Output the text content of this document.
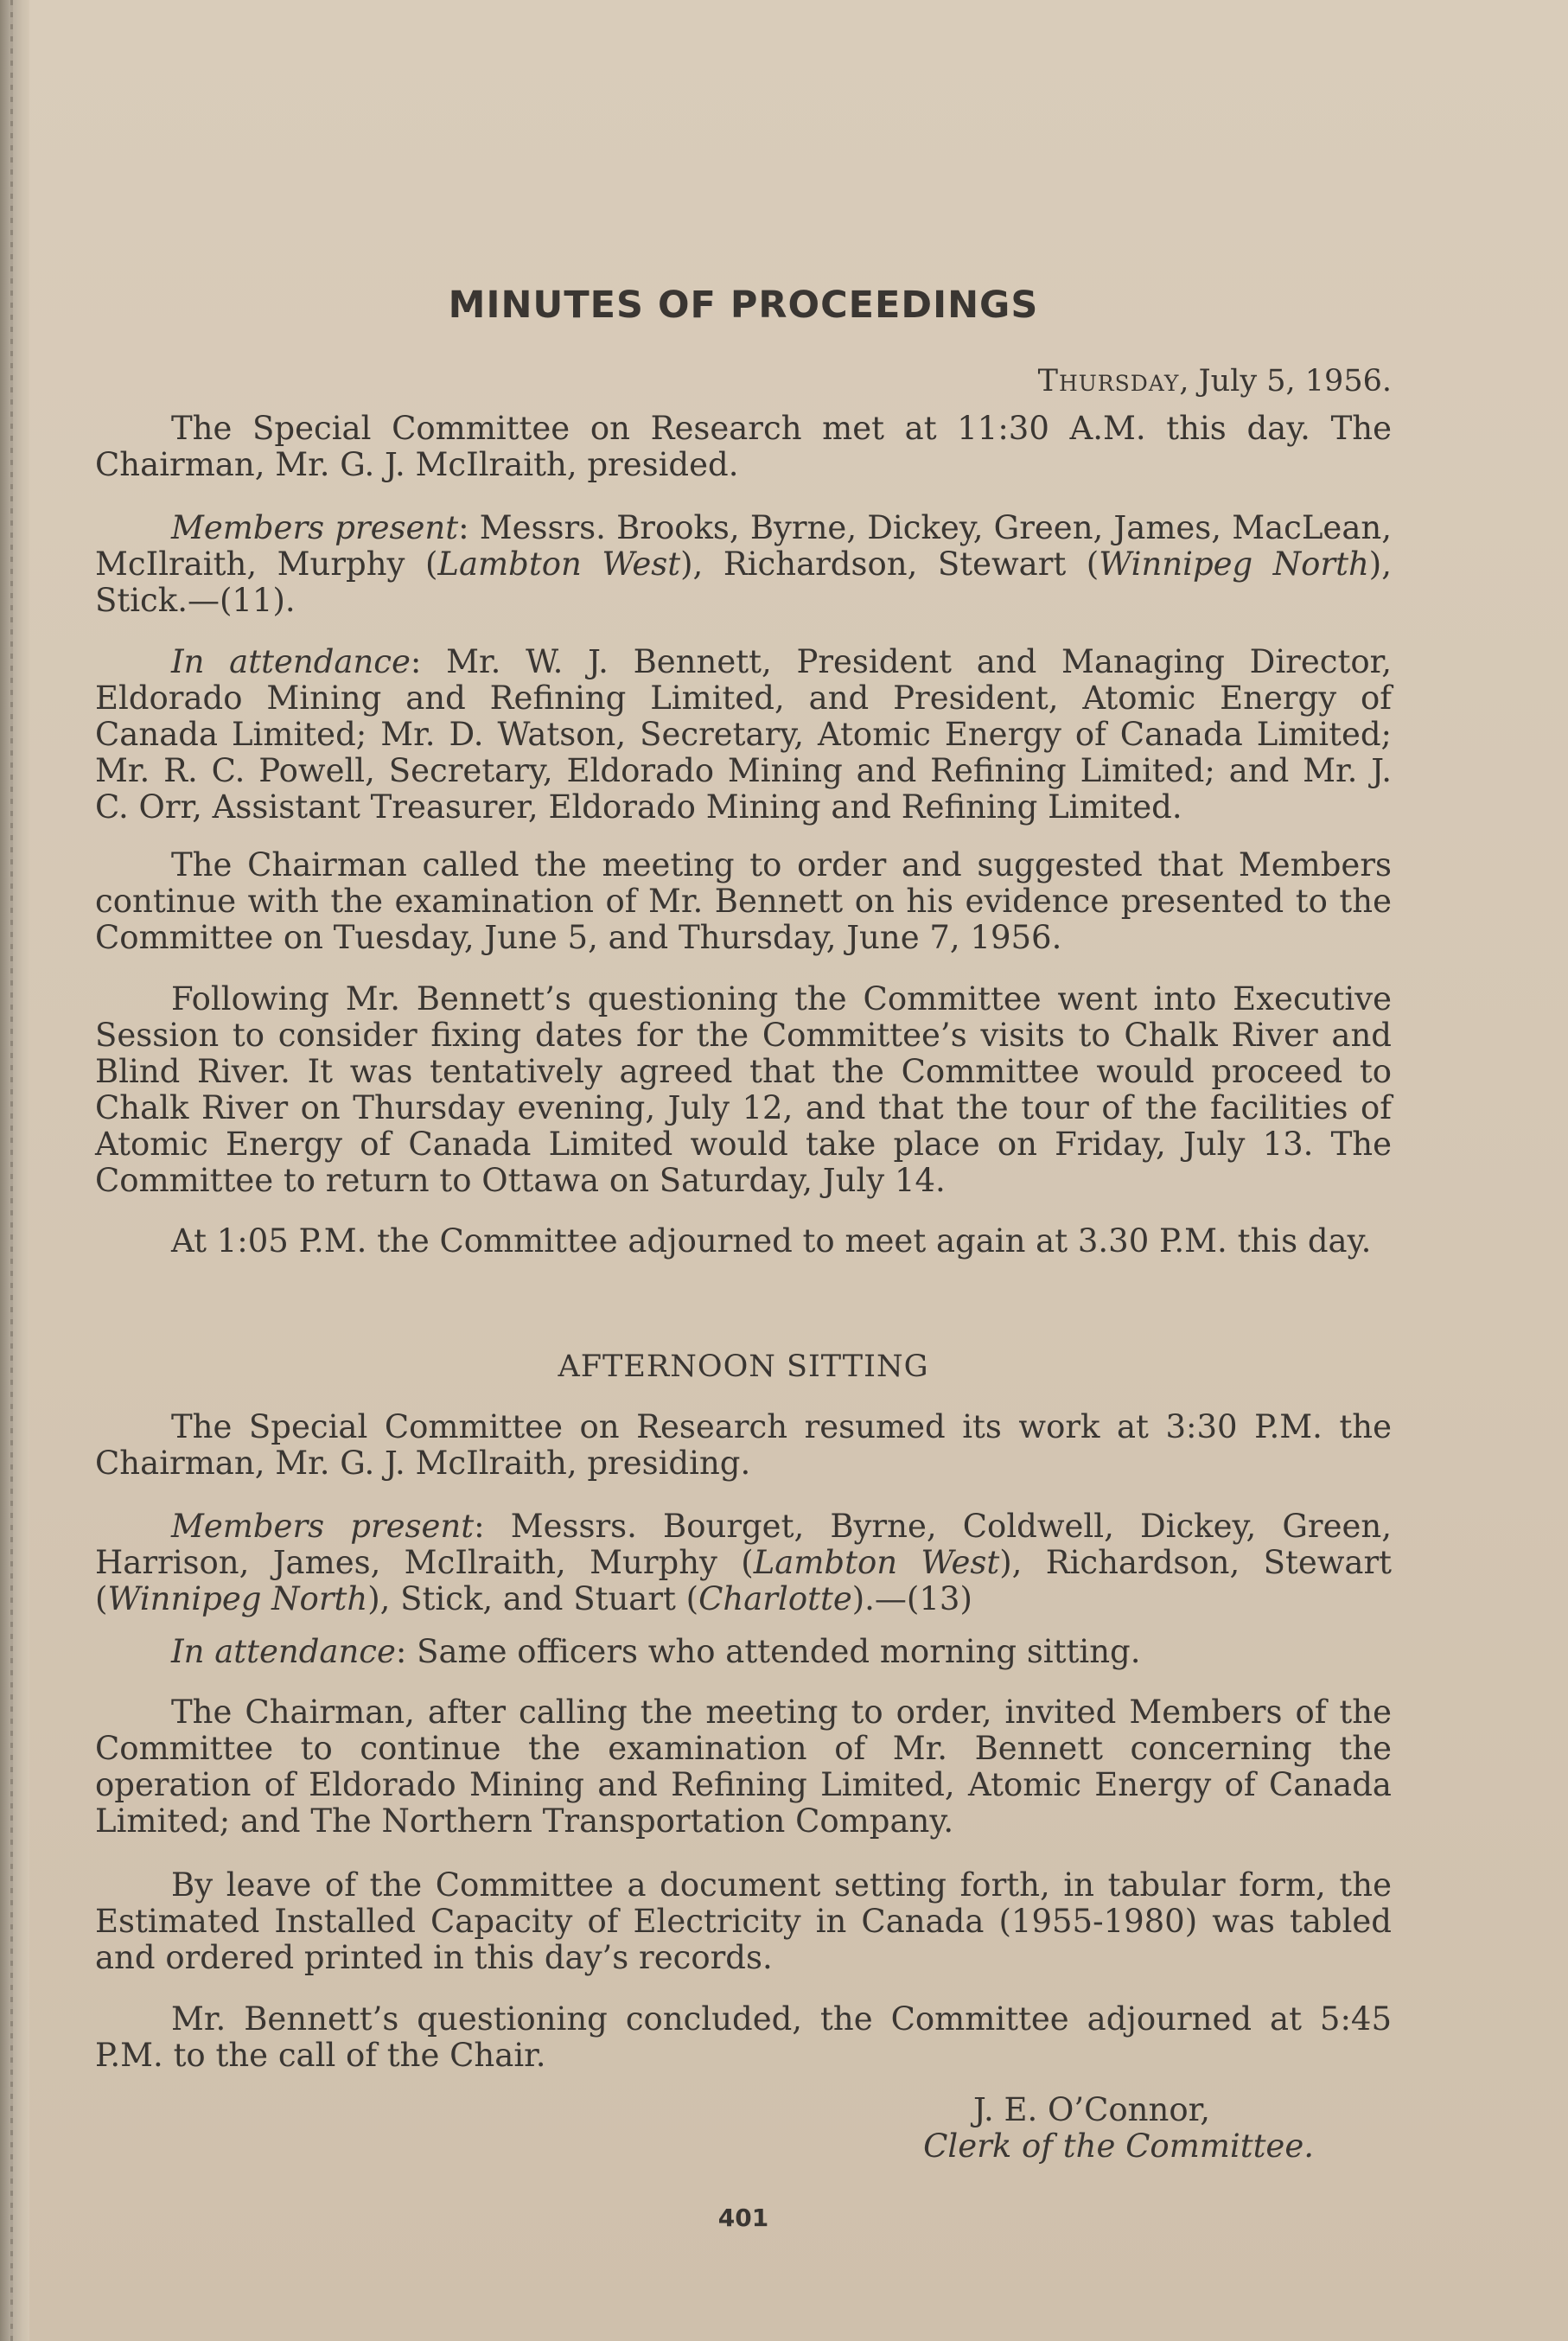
MINUTES OF PROCEEDINGS

Thursday, July 5, 1956.

The Special Committee on Research met at 11:30 A.M. this day. The Chairman, Mr. G. J. McIlraith, presided.

Members present: Messrs. Brooks, Byrne, Dickey, Green, James, MacLean, McIlraith, Murphy (Lambton West), Richardson, Stewart (Winnipeg North), Stick.—(11).

In attendance: Mr. W. J. Bennett, President and Managing Director, Eldorado Mining and Refining Limited, and President, Atomic Energy of Canada Limited; Mr. D. Watson, Secretary, Atomic Energy of Canada Limited; Mr. R. C. Powell, Secretary, Eldorado Mining and Refining Limited; and Mr. J. C. Orr, Assistant Treasurer, Eldorado Mining and Refining Limited.

The Chairman called the meeting to order and suggested that Members continue with the examination of Mr. Bennett on his evidence presented to the Committee on Tuesday, June 5, and Thursday, June 7, 1956.

Following Mr. Bennett’s questioning the Committee went into Executive Session to consider fixing dates for the Committee’s visits to Chalk River and Blind River. It was tentatively agreed that the Committee would proceed to Chalk River on Thursday evening, July 12, and that the tour of the facilities of Atomic Energy of Canada Limited would take place on Friday, July 13. The Committee to return to Ottawa on Saturday, July 14.

At 1:05 P.M. the Committee adjourned to meet again at 3.30 P.M. this day.

AFTERNOON SITTING

The Special Committee on Research resumed its work at 3:30 P.M. the Chairman, Mr. G. J. McIlraith, presiding.

Members present: Messrs. Bourget, Byrne, Coldwell, Dickey, Green, Harrison, James, McIlraith, Murphy (Lambton West), Richardson, Stewart (Winnipeg North), Stick, and Stuart (Charlotte).—(13)

In attendance: Same officers who attended morning sitting.

The Chairman, after calling the meeting to order, invited Members of the Committee to continue the examination of Mr. Bennett concerning the operation of Eldorado Mining and Refining Limited, Atomic Energy of Canada Limited; and The Northern Transportation Company.

By leave of the Committee a document setting forth, in tabular form, the Estimated Installed Capacity of Electricity in Canada (1955-1980) was tabled and ordered printed in this day’s records.

Mr. Bennett’s questioning concluded, the Committee adjourned at 5:45 P.M. to the call of the Chair.

J. E. O’Connor,
Clerk of the Committee.

401
